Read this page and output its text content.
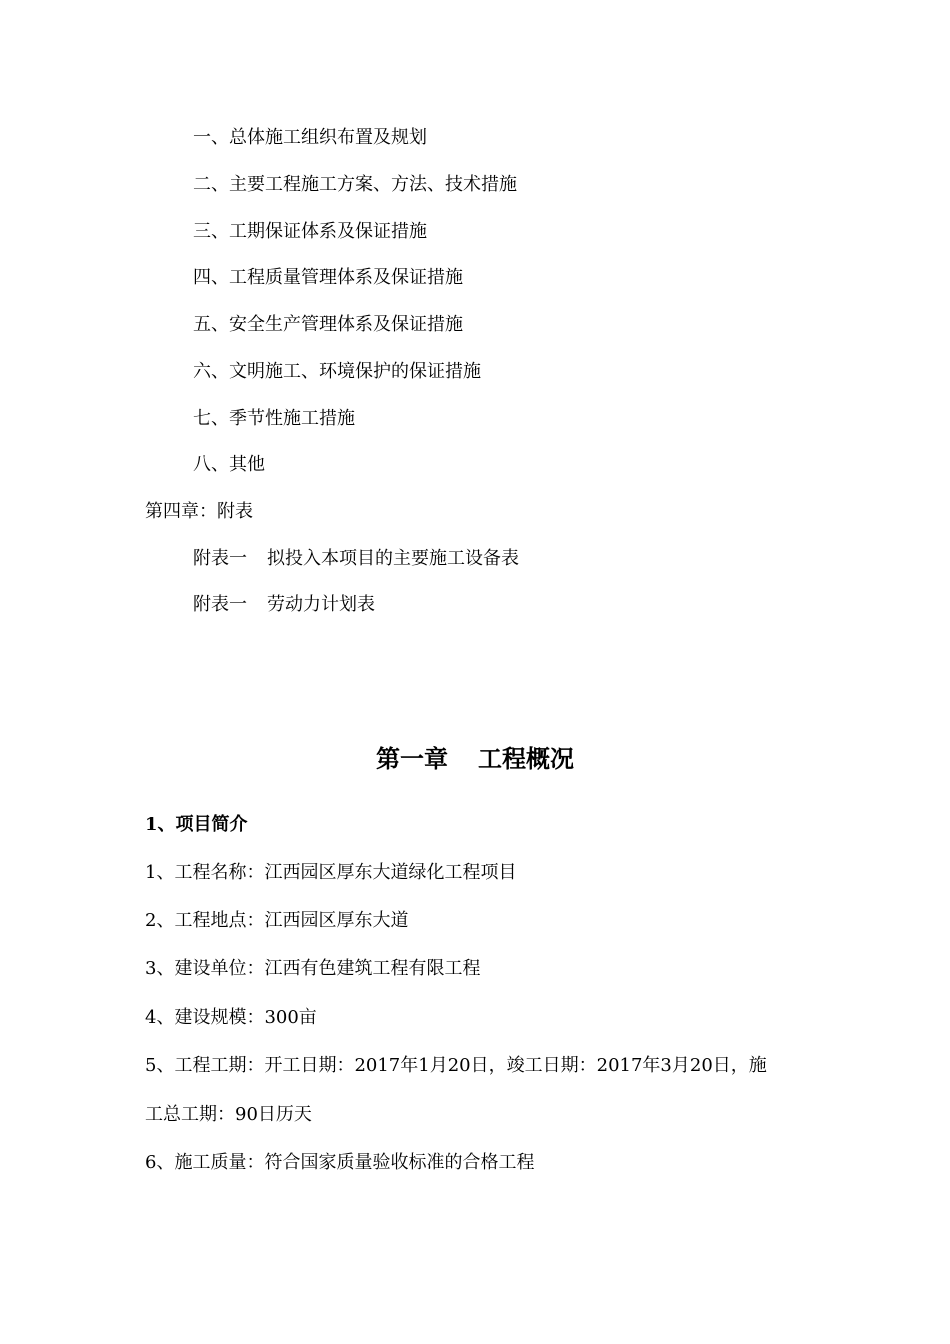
一、总体施工组织布置及规划
二、主要工程施工方案、方法、技术措施
三、工期保证体系及保证措施
四、工程质量管理体系及保证措施
五、安全生产管理体系及保证措施
六、文明施工、环境保护的保证措施
七、季节性施工措施
八、其他
第四章：附表
附表一 拟投入本项目的主要施工设备表
附表一 劳动力计划表
第一章 工程概况
1、项目简介
1、工程名称：江西园区厚东大道绿化工程项目
2、工程地点：江西园区厚东大道
3、建设单位：江西有色建筑工程有限工程
4、建设规模：300亩
5、工程工期：开工日期：2017年1月20日，竣工日期：2017年3月20日，施
工总工期：90日历天
6、施工质量：符合国家质量验收标准的合格工程
